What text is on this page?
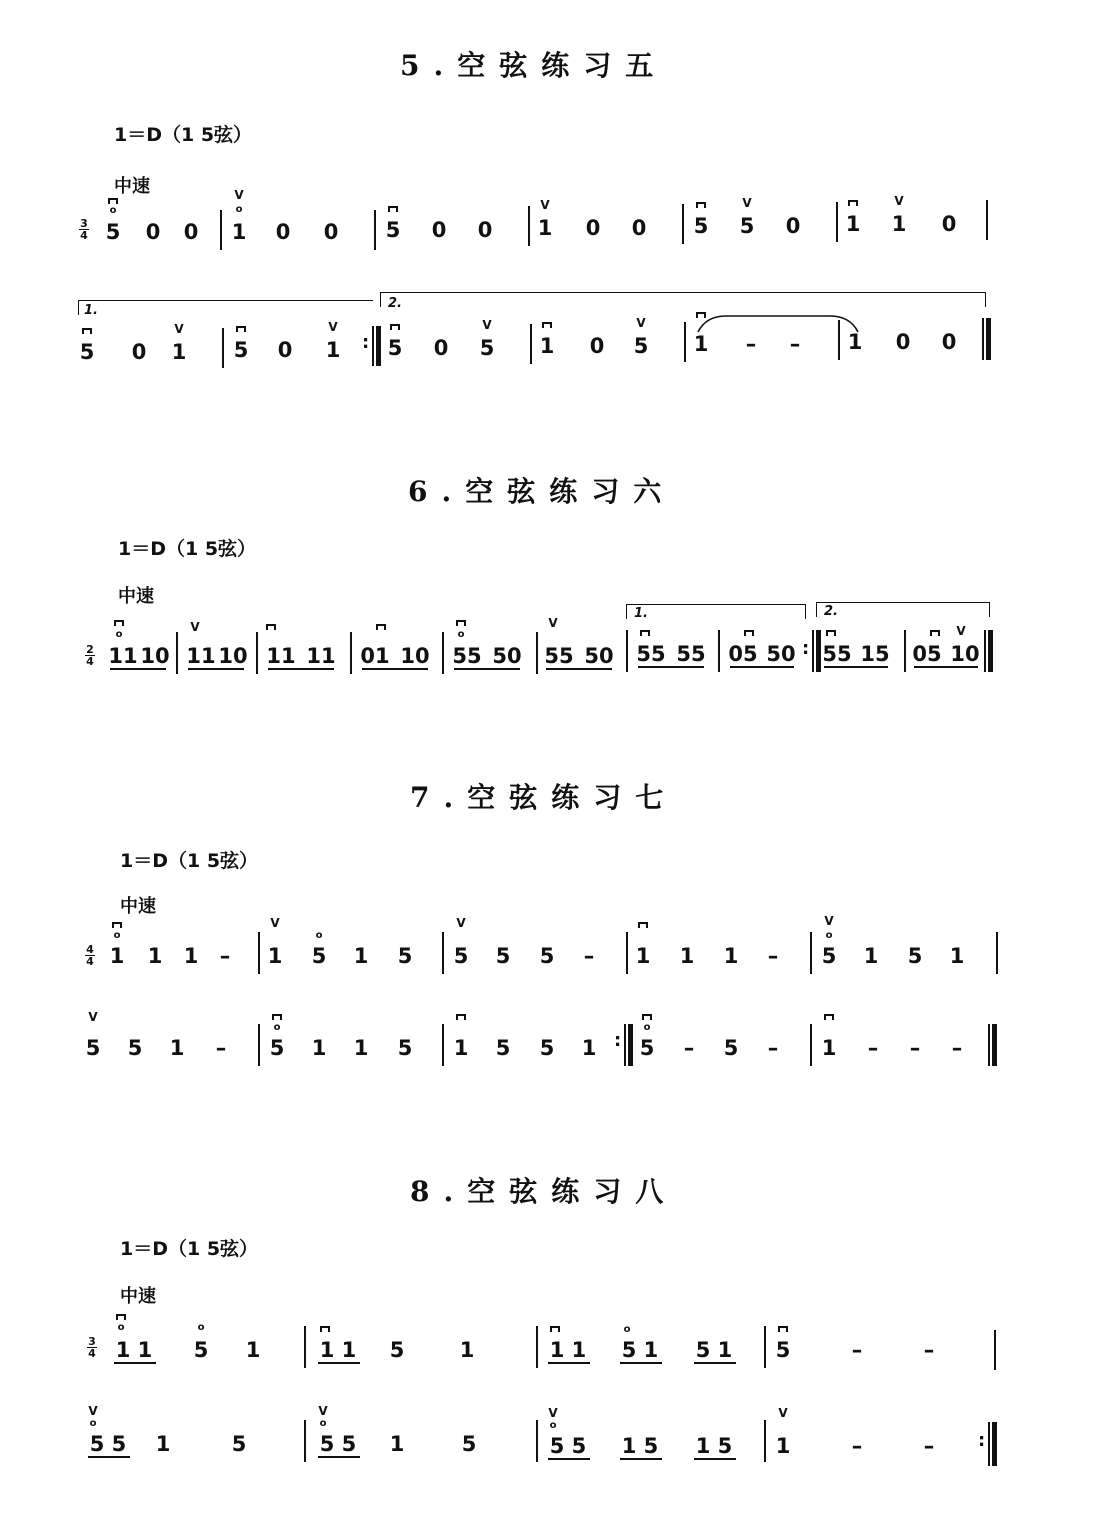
5.空弦练习五
1＝D（1 5弦）
中速
3
4 5 0 0 1 0 0 5 0 0 1 0 0 5 5 0 1 1 0
o
V
o	V	V	V
1.	2.
5 0 1 5 0 1	: 5 0 5 1 0 5 1	–	–	1 0 0
V	V	V	V
6.空弦练习六
1＝D（1 5弦）
中速
2
4
1.	2.
11 10 11 10 11 11 01 10 55 50 55 50 55 55 05 50 : 55 15 05 10
o
V
o
V
V
7.空弦练习七
1＝D（1 5弦）
中速
4
4 1 1 1	–	1 5 1 5 5 5 5	–	1 1 1	–	5 1 5 1
o
V
o
V	V
o
5 5 1	–	5 1 1 5 1 5 5 1 : 5	–	5	–	1	–	–	–
V
o	o
8.空弦练习八
1＝D（1 5弦）
中速
3
4 1 1 5 1	1 1 5	1	1 1 5 1 5 1 5	–	–
o	o	o
5 5 1	5	5 5 1	5	5 5 1 5 1 5 1	–	–	:
V
o
V
o
V
o
V
